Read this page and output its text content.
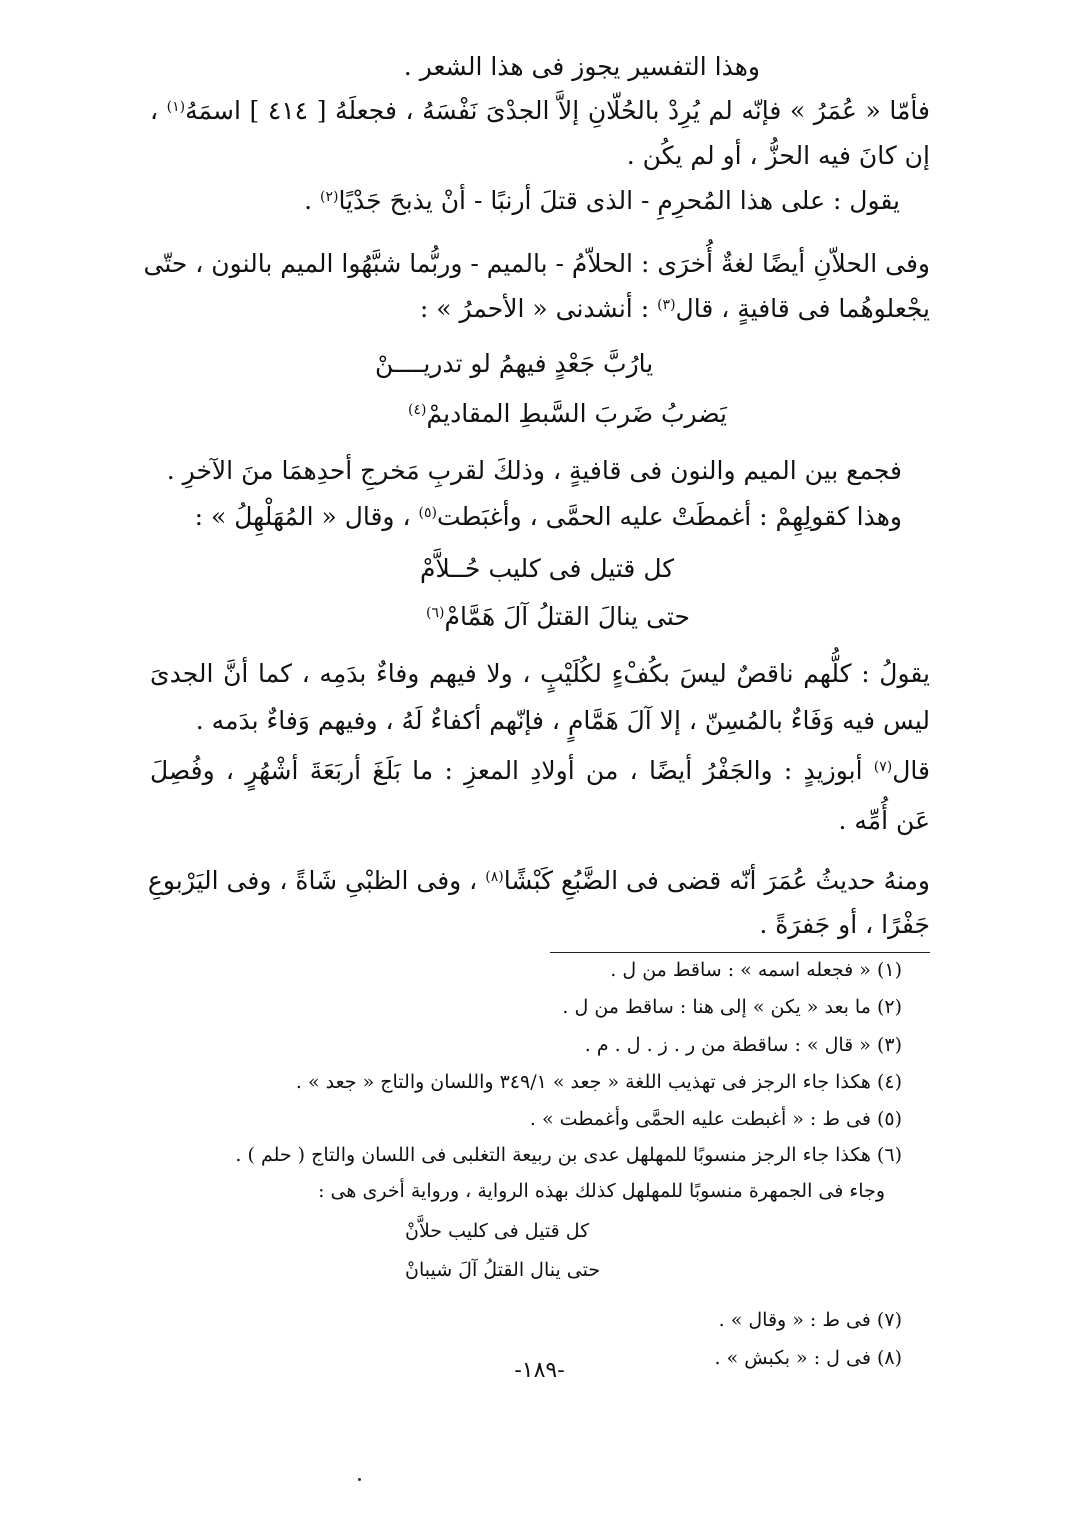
وهذا التفسير يجوز فى هذا الشعر .
فأمّا « عُمَرُ » فإنّه لم يُرِدْ بالحُلّانِ إلاَّ الجدْىَ نَفْسَهُ ، فجعلَهُ [ ٤١٤ ] اسمَهُ$^{(١)}$ ،
إن كانَ فيه الحزُّ ، أو لم يكُن .
يقول : على هذا المُحرِمِ - الذى قتلَ أرنبًا - أنْ يذبحَ جَدْيًا$^{(٢)}$ .
وفى الحلاّنِ أيضًا لغةٌ أُخرَى : الحلاّمُ - بالميم - وربُّما شبَّهُوا الميم بالنون ، حتّى
يجْعلوهُما فى قافيةٍ ، قال$^{(٣)}$ : أنشدنى « الأحمرُ » :
يارُبَّ جَعْدٍ فيهمُ لو تدريــــنْ
يَضربُ ضَربَ السَّبطِ المقاديمْ$^{(٤)}$
فجمع بين الميم والنون فى قافيةٍ ، وذلكَ لقربِ مَخرجِ أحدِهمَا منَ الآخرِ .
وهذا كقولِهِمْ : أغمطَتْ عليه الحمَّى ، وأغبَطت$^{(٥)}$ ، وقال « المُهَلْهِلُ » :
كل قتيل فى كليب حُــلاَّمْ
حتى ينالَ القتلُ آلَ هَمَّامْ$^{(٦)}$
يقولُ : كلُّهم ناقصٌ ليسَ بكُفْءٍ لكُلَيْبٍ ، ولا فيهم وفاءٌ بدَمِه ، كما أنَّ الجدىَ
ليس فيه وَفَاءٌ بالمُسِنّ ، إلا آلَ هَمَّامٍ ، فإنّهم أكفاءٌ لَهُ ، وفيهم وَفاءٌ بدَمه .
قال$^{(٧)}$ أبوزيدٍ : والجَفْرُ أيضًا ، من أولادِ المعزِ : ما بَلَغَ أربَعَةَ أشْهُرٍ ، وفُصِلَ
عَن أُمِّه .
ومنهُ حديثُ عُمَرَ أنّه قضى فى الضَّبُعِ كَبْشًا$^{(٨)}$ ، وفى الظبْىِ شَاةً ، وفى اليَرْبوعِ
جَفْرًا ، أو جَفرَةً .
(١) « فجعله اسمه » : ساقط من ل .
(٢) ما بعد « يكن » إلى هنا : ساقط من ل .
(٣) « قال » : ساقطة من ر . ز . ل . م .
(٤) هكذا جاء الرجز فى تهذيب اللغة « جعد » ٣٤٩/١ واللسان والتاج « جعد » .
(٥) فى ط : « أغبطت عليه الحمَّى وأغمطت » .
(٦) هكذا جاء الرجز منسوبًا للمهلهل عدى بن ربيعة التغلبى فى اللسان والتاج ( حلم ) .
وجاء فى الجمهرة منسوبًا للمهلهل كذلك بهذه الرواية ، ورواية أخرى هى :
كل قتيل فى كليب حلاَّنْ
حتى ينال القتلُ آلَ شيبانْ
(٧) فى ط : « وقال » .
(٨) فى ل : « بكبش » .
-١٨٩-
